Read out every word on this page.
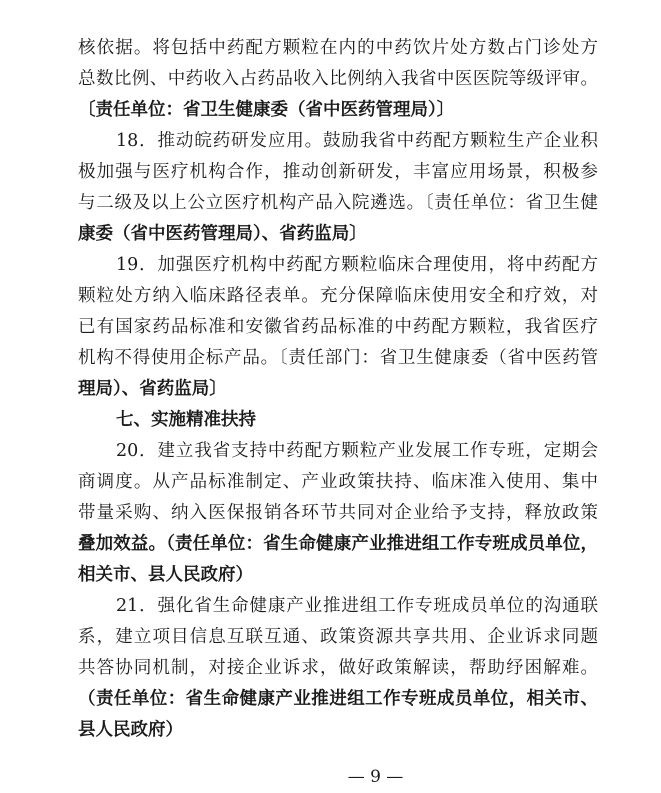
核依据。将包括中药配方颗粒在内的中药饮片处方数占门诊处方
总数比例、中药收入占药品收入比例纳入我省中医医院等级评审。
〔责任单位：省卫生健康委（省中医药管理局）〕
18．推动皖药研发应用。鼓励我省中药配方颗粒生产企业积
极加强与医疗机构合作，推动创新研发，丰富应用场景，积极参
与二级及以上公立医疗机构产品入院遴选。〔责任单位：省卫生健
康委（省中医药管理局）、省药监局〕
19．加强医疗机构中药配方颗粒临床合理使用，将中药配方
颗粒处方纳入临床路径表单。充分保障临床使用安全和疗效，对
已有国家药品标准和安徽省药品标准的中药配方颗粒，我省医疗
机构不得使用企标产品。〔责任部门：省卫生健康委（省中医药管
理局）、省药监局〕
七、实施精准扶持
20．建立我省支持中药配方颗粒产业发展工作专班，定期会
商调度。从产品标准制定、产业政策扶持、临床准入使用、集中
带量采购、纳入医保报销各环节共同对企业给予支持，释放政策
叠加效益。（责任单位：省生命健康产业推进组工作专班成员单位，
相关市、县人民政府）
21．强化省生命健康产业推进组工作专班成员单位的沟通联
系，建立项目信息互联互通、政策资源共享共用、企业诉求同题
共答协同机制，对接企业诉求，做好政策解读，帮助纾困解难。
（责任单位：省生命健康产业推进组工作专班成员单位，相关市、
县人民政府）
— 9 —
